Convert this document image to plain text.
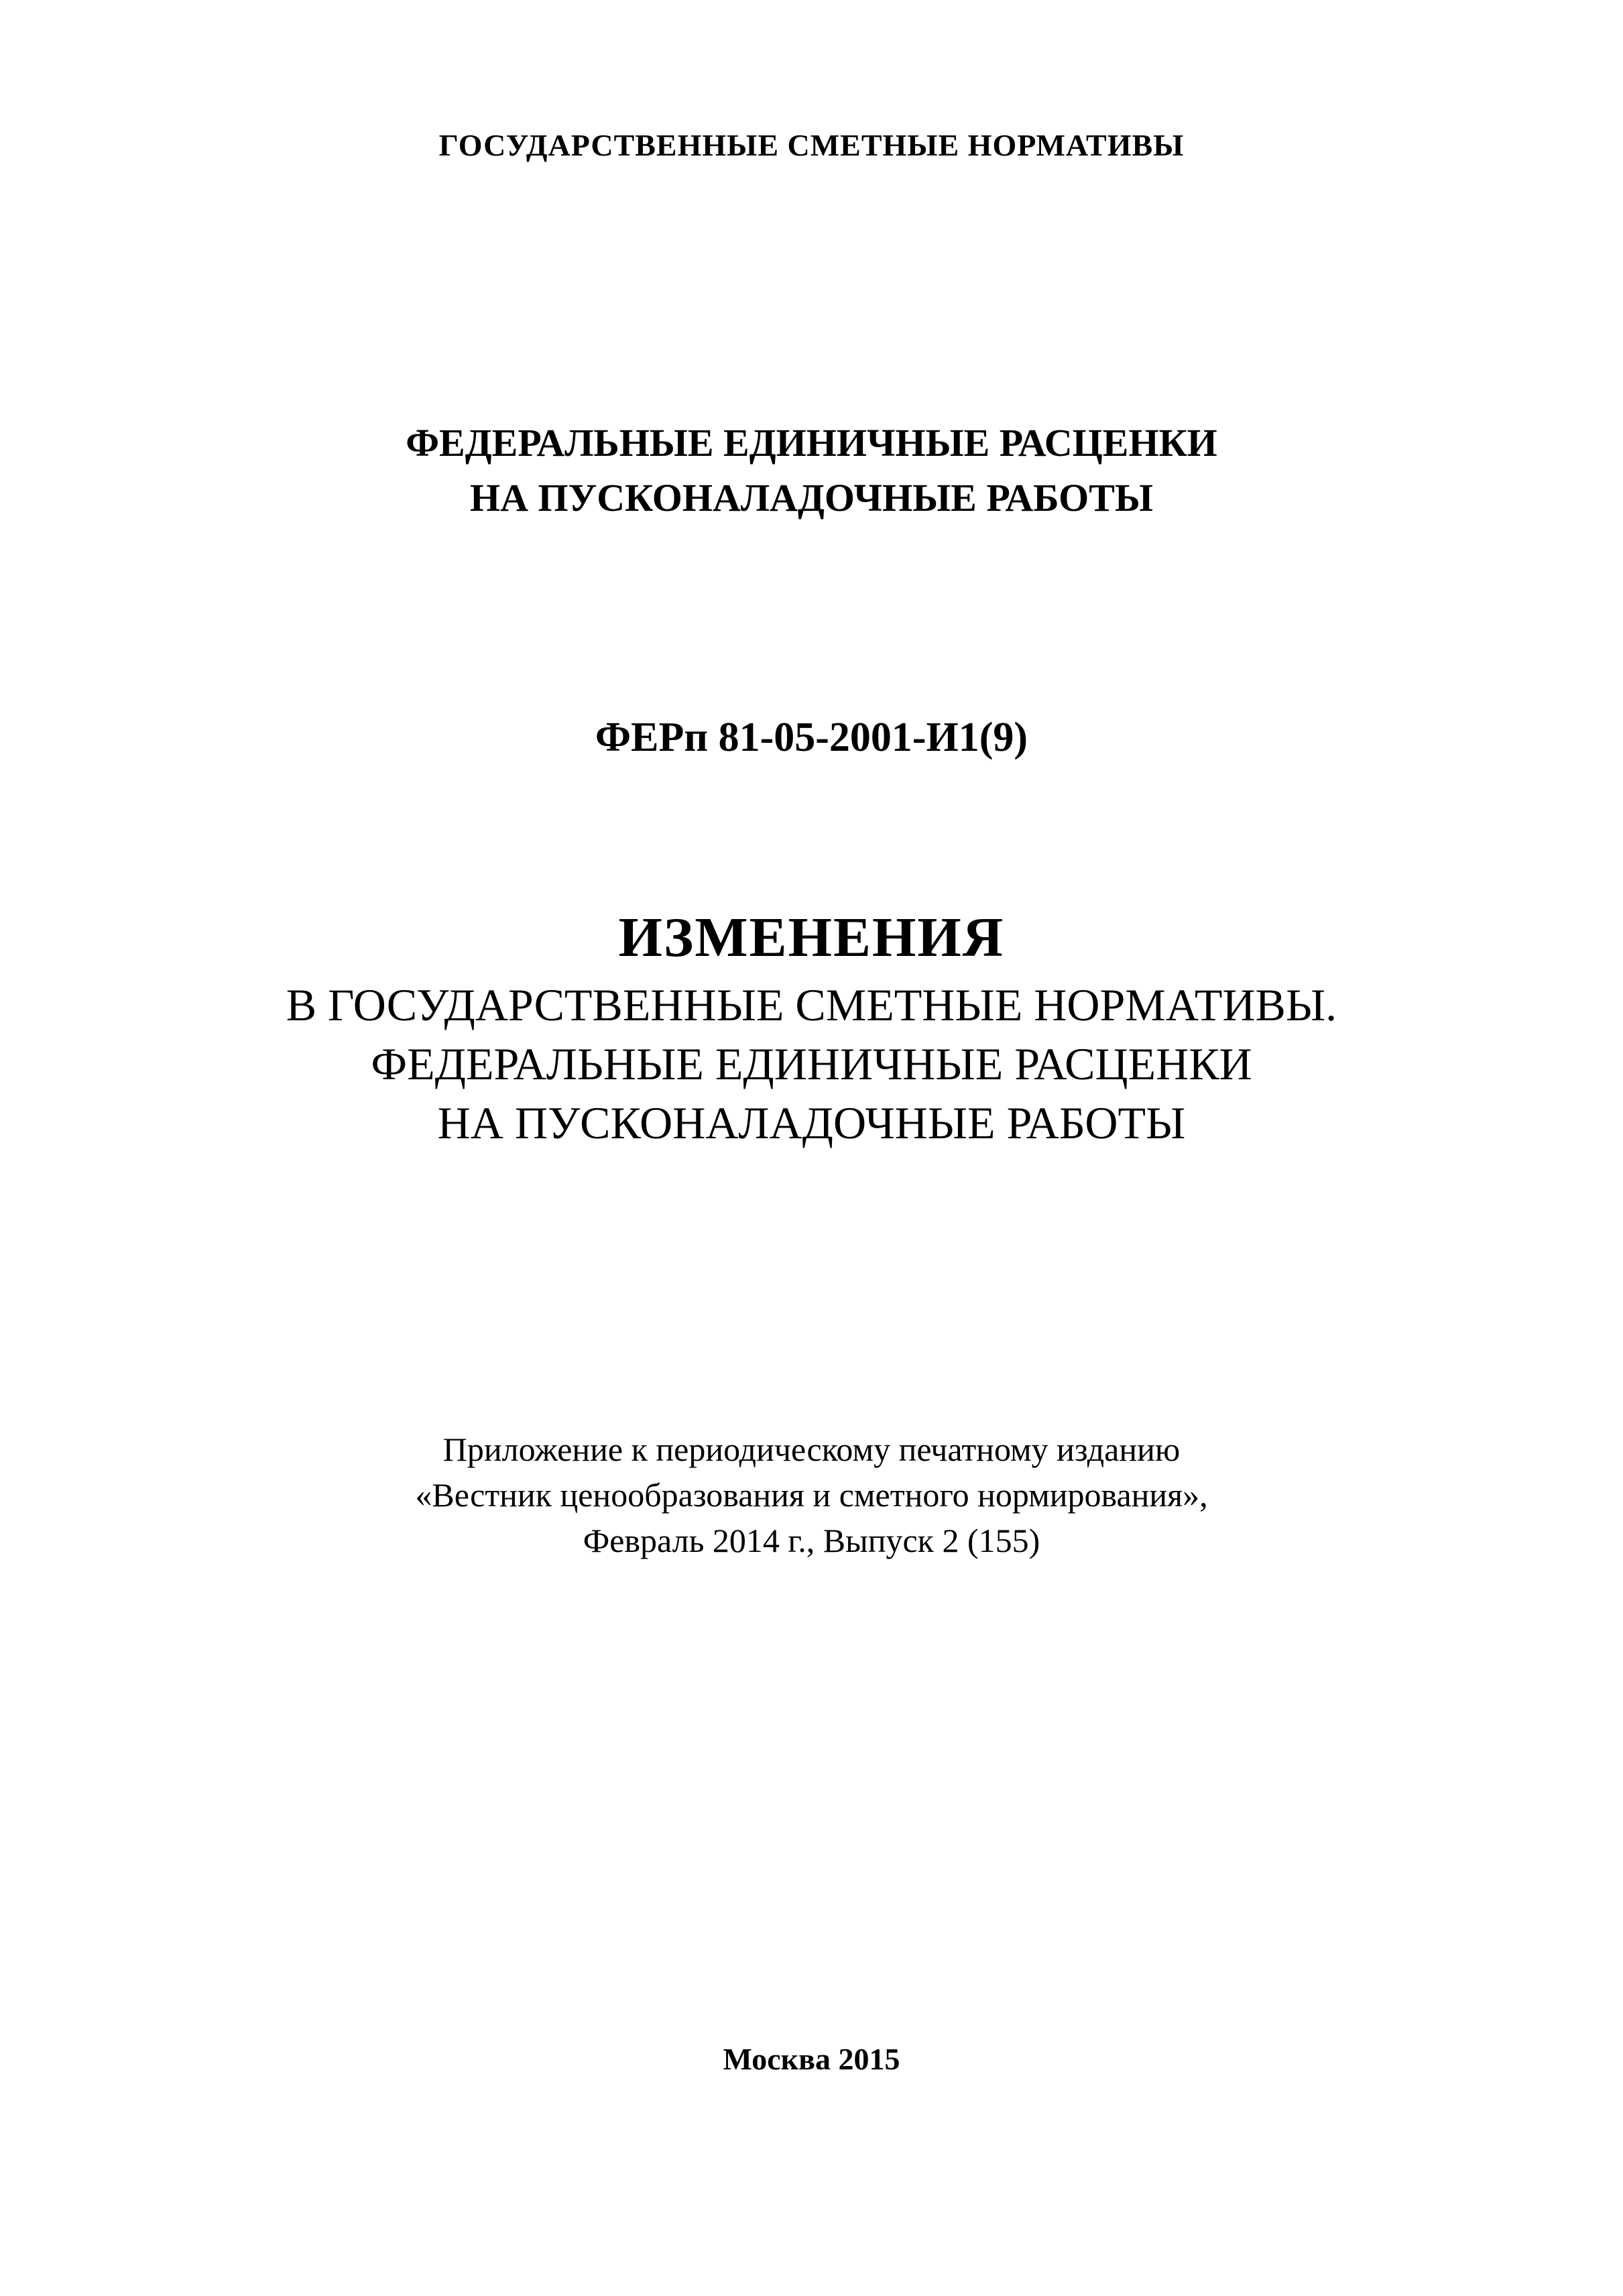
ГОСУДАРСТВЕННЫЕ СМЕТНЫЕ НОРМАТИВЫ
ФЕДЕРАЛЬНЫЕ ЕДИНИЧНЫЕ РАСЦЕНКИ
НА ПУСКОНАЛАДОЧНЫЕ РАБОТЫ
ФЕРп 81-05-2001-И1(9)
ИЗМЕНЕНИЯ
В ГОСУДАРСТВЕННЫЕ СМЕТНЫЕ НОРМАТИВЫ.
ФЕДЕРАЛЬНЫЕ ЕДИНИЧНЫЕ РАСЦЕНКИ
НА ПУСКОНАЛАДОЧНЫЕ РАБОТЫ
Приложение к периодическому печатному изданию
«Вестник ценообразования и сметного нормирования»,
Февраль 2014 г., Выпуск 2 (155)
Москва 2015
